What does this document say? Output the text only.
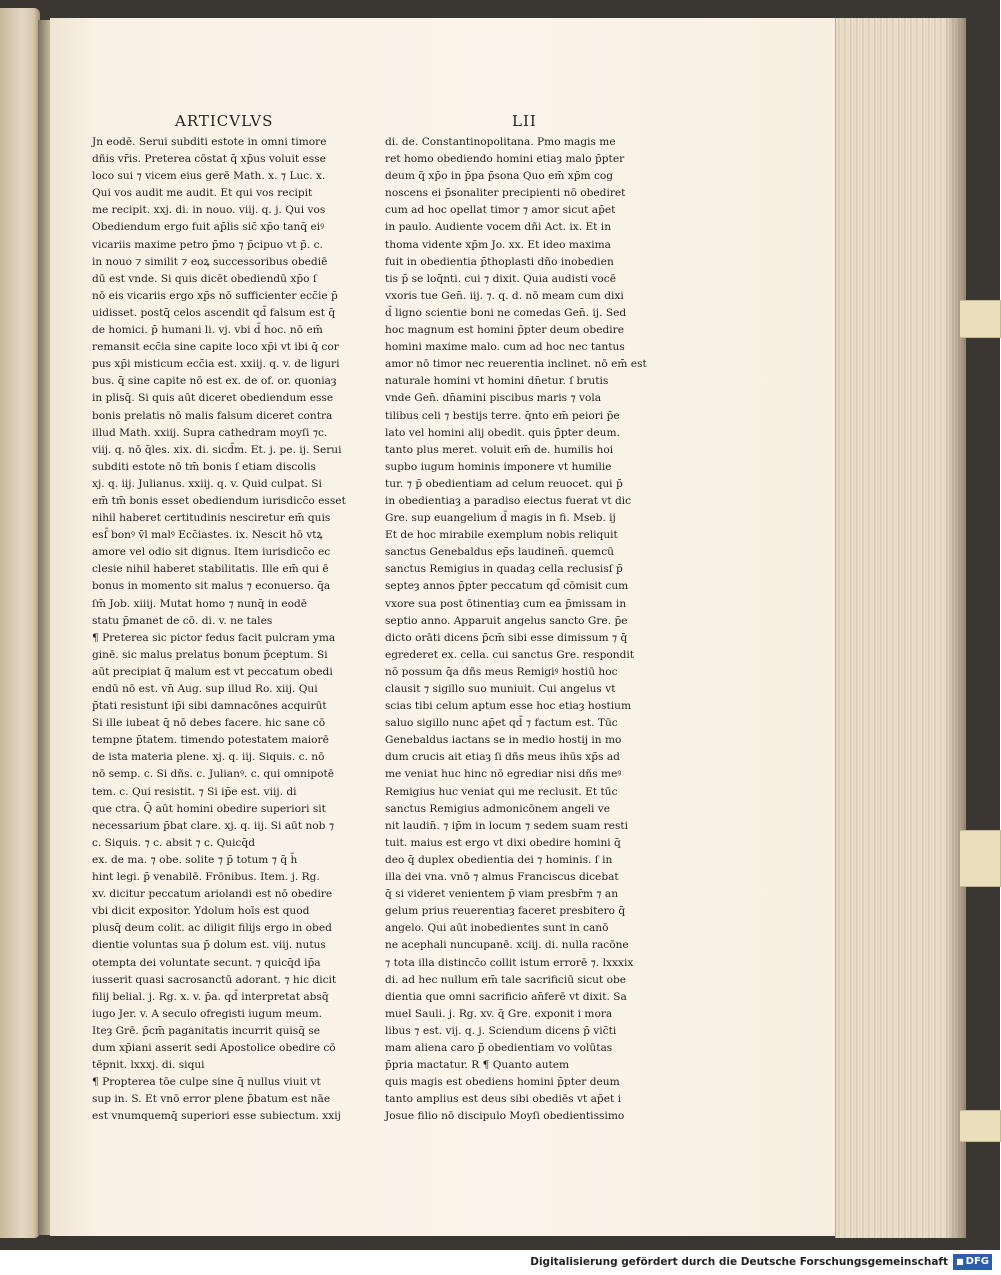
ARTICVLVS	LII
Jn eodē. Serui subditi estote in omni timore
dñis vr̄is. Preterea cōstat q̄ xp̄us voluit esse
loco sui ⁊ vicem eius gerē Math. x. ⁊ Luc. x.
Qui vos audit me audit. Et qui vos recipit
me recipit. xxj. di. in nouo. viij. q. j. Qui vos
Obediendum ergo fuit ap̄lis sic̄ xp̄o tanq̄ eiꝰ
vicariis maxime petro p̄mo ⁊ p̄cipuo vt p̄. c.
in nouo ⁊ similit ⁊ eoꝝ successoribus obediē
dū est vnde. Si quis dicēt obediendū xp̄o ſ
nō eis vicariis ergo xp̄s nō sufficienter ecc̄ie p̄
uidisset. postq̄ celos ascendit qd̄ falsum est q̄
de homici. p̄ humani li. vj. vbi d̄ hoc. nō em̄
remansit ecc̄ia sine capite loco xp̄i vt ibi q̄ cor
pus xp̄i misticum ecc̄ia est. xxiij. q. v. de liguri
bus. q̄ sine capite nō est ex. de of. or. quoniaȝ
in plisq̄. Si quis aūt diceret obediendum esse
bonis prelatis nō malis falsum diceret contra
illud Math. xxiij. Supra cathedram moyſi ⁊c.
viij. q. nō q̄les. xix. di. sicd̄m. Et. j. pe. ij. Serui
subditi estote nō tm̄ bonis ſ etiam discolis
xj. q. iij. Julianus. xxiij. q. v. Quid culpat. Si
em̄ tm̄ bonis esset obediendum iurisdicc̄o esset
nihil haberet certitudinis nesciretur em̄ quis
esſ̄ bonꝰ v̄l malꝰ Ecc̄iastes. ix. Nescit hō vtꝝ
amore vel odio sit dignus. Item iurisdicc̄o ec
clesie nihil haberet stabilitatis. Ille em̄ qui ē
bonus in momento sit malus ⁊ econuerso. q̄a
ſm̄ Job. xiiij. Mutat homo ⁊ nunq̄ in eodē
statu p̄manet de cō. di. v. ne tales
¶ Preterea sic pictor fedus facit pulcram yma
ginē. sic malus prelatus bonum p̄ceptum. Si
aūt precipiat q̄ malum est vt peccatum obedi
endū nō est. vn̄ Aug. sup illud Ro. xiij. Qui
p̄tati resistunt ip̄i sibi damnacōnes acquirūt
Si ille iubeat q̄ nō debes facere. hic sane cō
tempne p̄tatem. timendo potestatem maiorē
de ista materia plene. xj. q. iij. Siquis. c. nō
nō semp. c. Si dñs. c. Julianꝰ. c. qui omnipotē
tem. c. Qui resistit. ⁊ Si ip̄e est. viij. di
que ctra. Q̄ aūt homini obedire superiori sit
necessarium p̄bat clare. xj. q. iij. Si aūt nob ⁊
c. Siquis. ⁊ c. absit ⁊ c. Quicq̄d
ex. de ma. ⁊ obe. solite ⁊ p̄ totum ⁊ q̄ h̄
hint legi. p̄ venabilē. Frōnibus. Item. j. Rg.
xv. dicitur peccatum ariolandi est nō obedire
vbi dicit expositor. Ydolum hoīs est quod
plusq̄ deum colit. ac diligit filijs ergo in obed
dientie voluntas sua p̄ dolum est. viij. nutus
otempta dei voluntate secunt. ⁊ quicq̄d ip̄a
iusserit quasi sacrosanctū adorant. ⁊ hic dicit
filij belial. j. Rg. x. v. p̄a. qd̄ interpretat absq̄
iugo Jer. v. A seculo ofregisti iugum meum.
Iteȝ Grē. p̄cm̄ paganitatis incurrit quisq̄ se
dum xp̄iani asserit sedi Apostolice obedire cō
tēpnit. lxxxj. di. siqui
¶ Propterea tōe culpe sine q̄ nullus viuit vt
sup in. S. Et vnō error plene p̄batum est nāe
est vnumquemq̄ superiori esse subiectum. xxij
di. de. Constantinopolitana. Pmo magis me
ret homo obediendo homini etiaȝ malo p̄pter
deum q̄ xp̄o in p̄pa p̄sona Quo em̄ xp̄m cog
noscens ei p̄sonaliter precipienti nō obediret
cum ad hoc opellat timor ⁊ amor sicut ap̄et
in paulo. Audiente vocem dñi Act. ix. Et in
thoma vidente xp̄m Jo. xx. Et ideo maxima
fuit in obedientia p̄thoplasti dño inobedien
tis p̄ se loq̄nti. cui ⁊ dixit. Quia audisti vocē
vxoris tue Gen̄. iij. ⁊. q. d. nō meam cum dixi
d̄ ligno scientie boni ne comedas Gen̄. ij. Sed
hoc magnum est homini p̄pter deum obedire
homini maxime malo. cum ad hoc nec tantus
amor nō timor nec reuerentia inclinet. nō em̄ est
naturale homini vt homini dn̄etur. ſ brutis
vnde Gen̄. dn̄amini piscibus maris ⁊ vola
tilibus celi ⁊ bestijs terre. q̄nto em̄ peiori p̄e
lato vel homini alij obedit. quis p̄pter deum.
tanto plus meret. voluit em̄ de. humilis hoi
supbo iugum hominis imponere vt humilie
tur. ⁊ p̄ obedientiam ad celum reuocet. qui p̄
in obedientiaȝ a paradiso eiectus fuerat vt dic
Gre. sup euangelium d̄ magis in fi. Mseb. ij
Et de hoc mirabile exemplum nobis reliquit
sanctus Genebaldus ep̄s laudinen̄. quemcū
sanctus Remigius in quadaȝ cella reclusisſ p̄
septeȝ annos p̄pter peccatum qd̄ cōmisit cum
vxore sua post ōtinentiaȝ cum ea p̄missam in
septio anno. Apparuit angelus sancto Gre. p̄e
dicto orāti dicens p̄cm̄ sibi esse dimissum ⁊ q̄
egrederet ex. cella. cui sanctus Gre. respondit
nō possum q̄a dñs meus Remigiꝰ hostiū hoc
clausit ⁊ sigillo suo muniuit. Cui angelus vt
scias tibi celum aptum esse hoc etiaȝ hostium
saluo sigillo nunc ap̄et qd̄ ⁊ factum est. Tūc
Genebaldus iactans se in medio hostij in mo
dum crucis ait etiaȝ ſi dñs meus ihūs xp̄s ad
me veniat huc hinc nō egrediar nisi dñs meꝰ
Remigius huc veniat qui me reclusit. Et tūc
sanctus Remigius admonicōnem angeli ve
nit laudin̄. ⁊ ip̄m in locum ⁊ sedem suam resti
tuit. maius est ergo vt dixi obedire homini q̄
deo q̄ duplex obedientia dei ⁊ hominis. ſ in
illa dei vna. vnō ⁊ almus Franciscus dicebat
q̄ si videret venientem p̄ viam presbr̄m ⁊ an
gelum prius reuerentiaȝ faceret presbitero q̄
angelo. Qui aūt inobedientes sunt in canō
ne acephali nuncupanē. xciij. di. nulla racōne
⁊ tota illa distincc̄o collit istum errorē ⁊. lxxxix
di. ad hec nullum em̄ tale sacrificiū sicut obe
dientia que omni sacrificio an̄ferē vt dixit. Sa
muel Sauli. j. Rg. xv. q̄ Gre. exponit i mora
libus ⁊ est. vij. q. j. Sciendum dicens p̄ vic̄ti
mam aliena caro p̄ obedientiam vo volūtas
p̄pria mactatur. R ¶ Quanto autem
quis magis est obediens homini p̄pter deum
tanto amplius est deus sibi obediēs vt ap̄et i
Josue filio nō discipulo Moyſi obedientissimo
Digitalisierung gefördert durch die Deutsche Forschungsgemeinschaft
■	DFG
